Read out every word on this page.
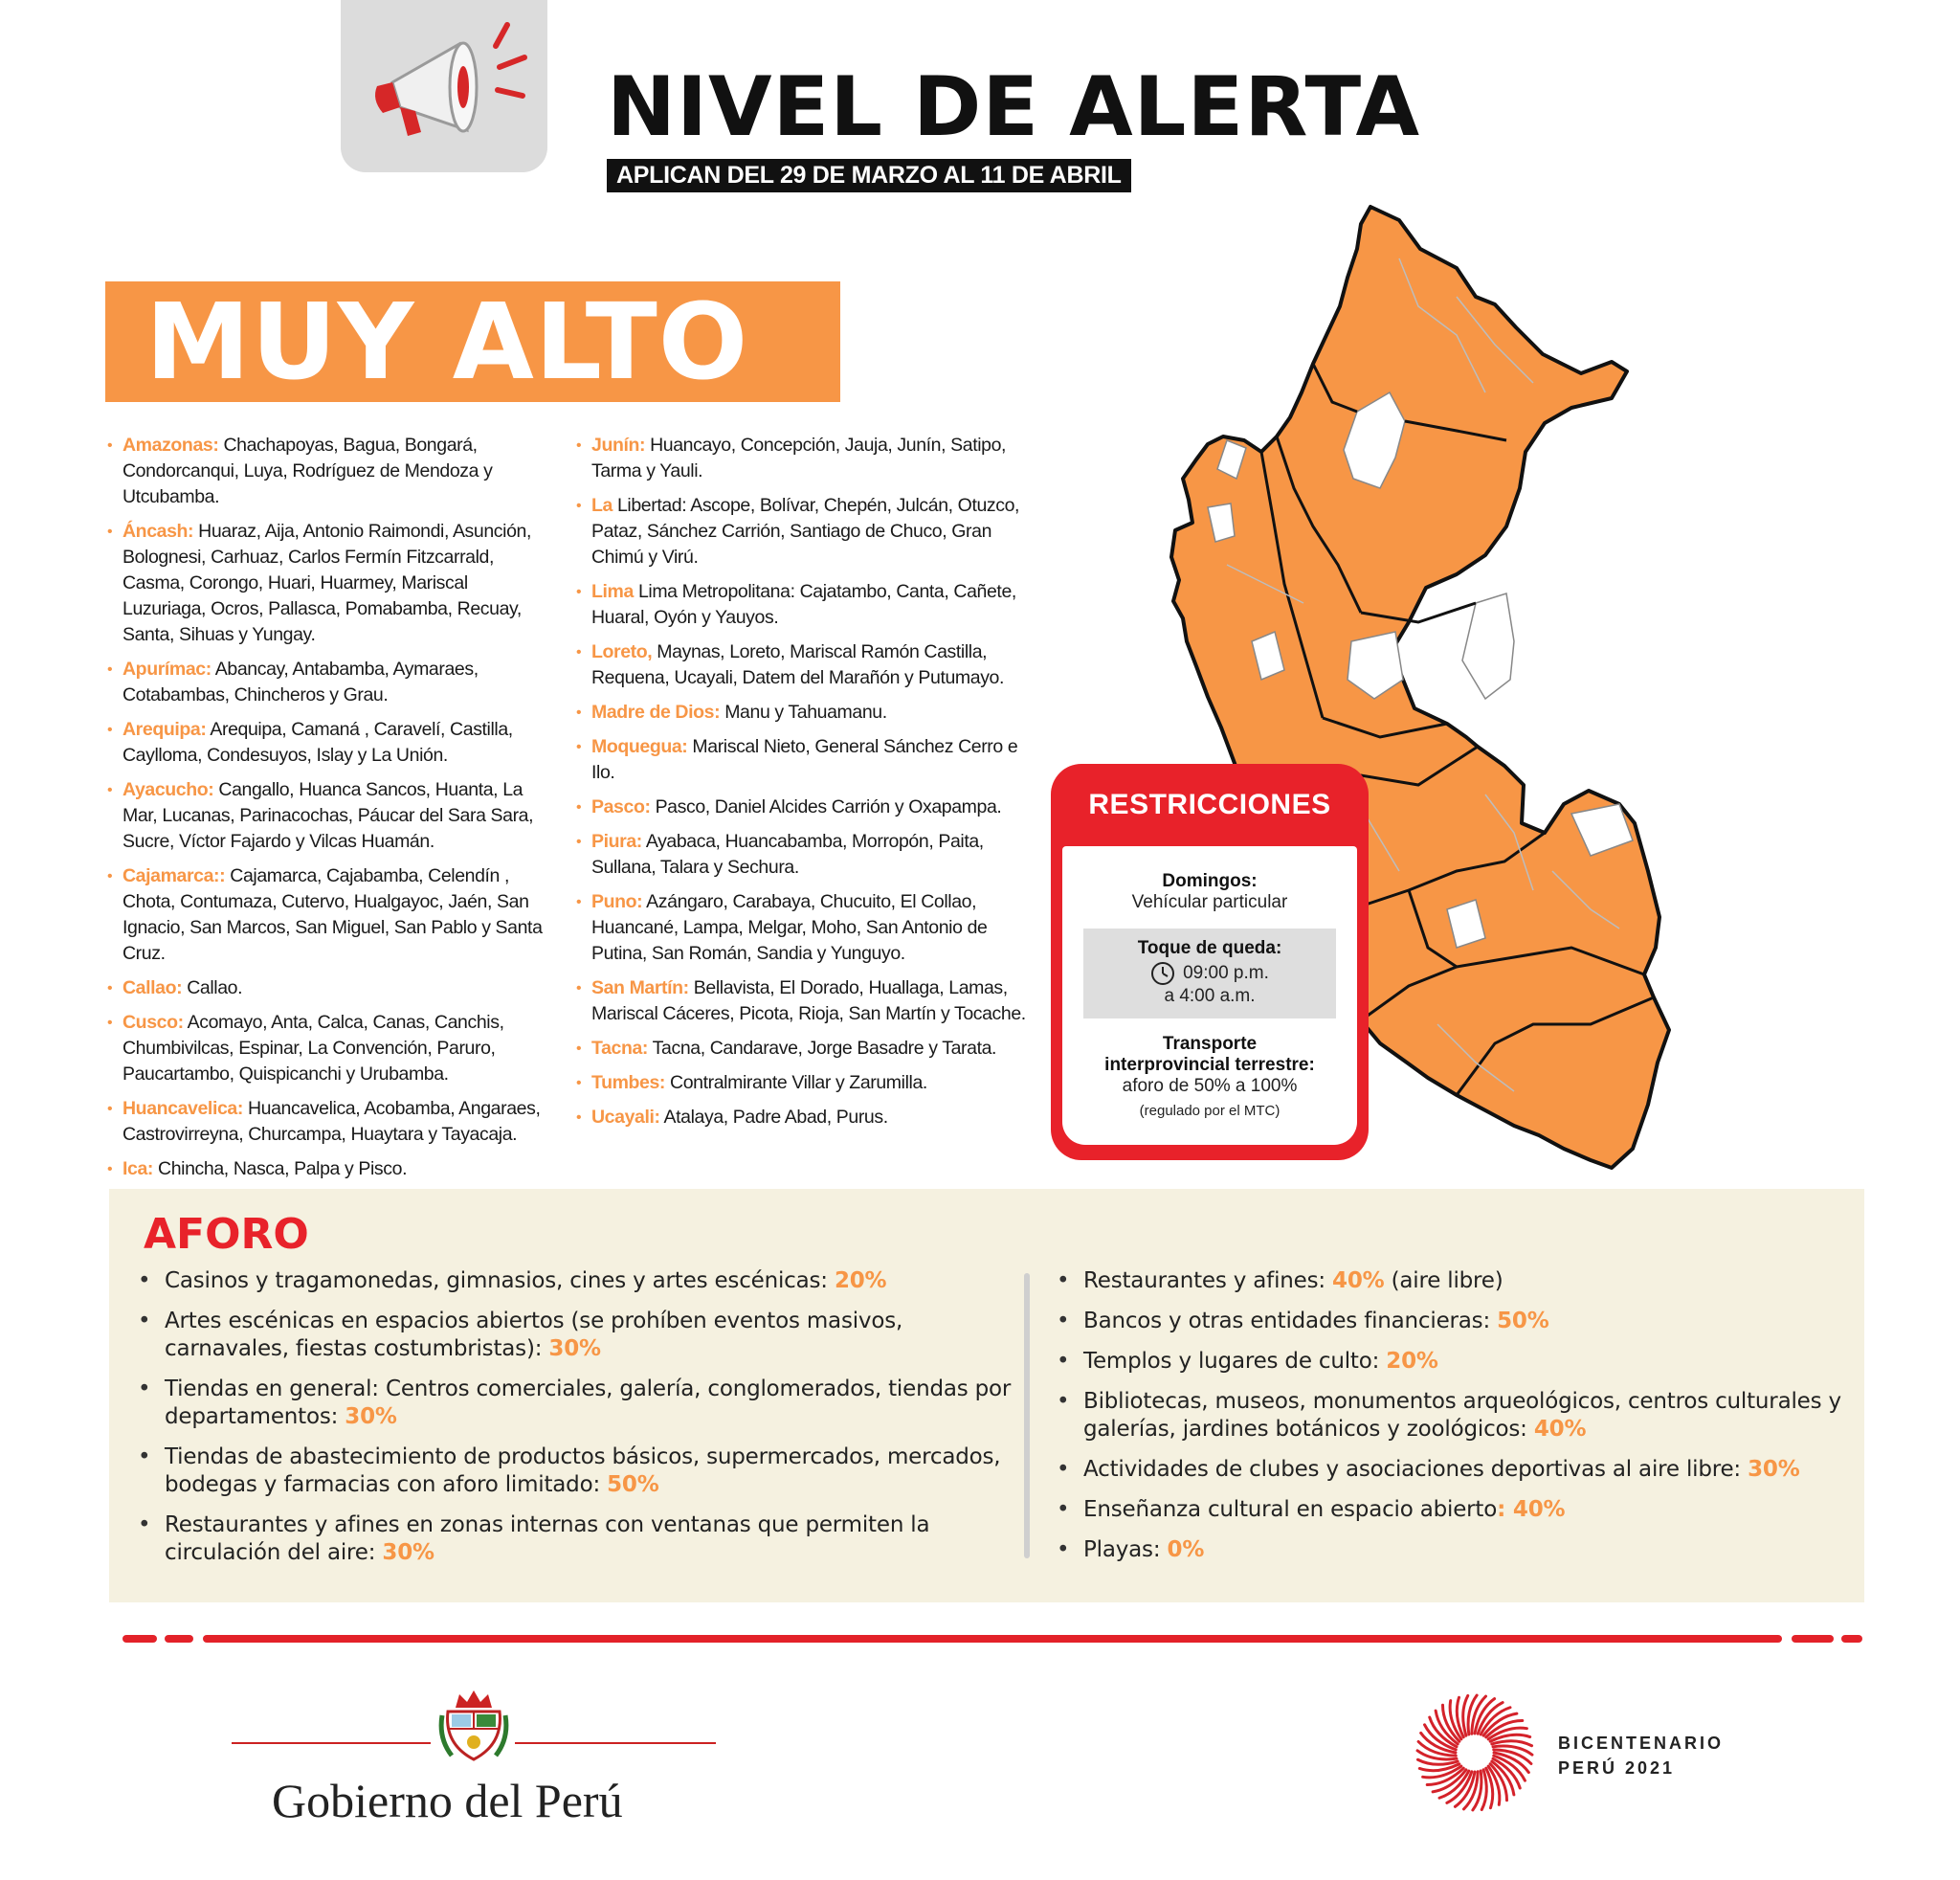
NIVEL DE ALERTA
APLICAN DEL 29 DE MARZO AL 11 DE ABRIL
MUY ALTO
• Amazonas: Chachapoyas, Bagua, Bongará, Condorcanqui, Luya, Rodríguez de Mendoza y Utcubamba.
• Áncash: Huaraz, Aija, Antonio Raimondi, Asunción, Bolognesi, Carhuaz, Carlos Fermín Fitzcarrald, Casma, Corongo, Huari, Huarmey, Mariscal Luzuriaga, Ocros, Pallasca, Pomabamba, Recuay, Santa, Sihuas y Yungay.
• Apurímac: Abancay, Antabamba, Aymaraes, Cotabambas, Chincheros y Grau.
• Arequipa: Arequipa, Camaná , Caravelí, Castilla, Caylloma, Condesuyos, Islay y La Unión.
• Ayacucho: Cangallo, Huanca Sancos, Huanta, La Mar, Lucanas, Parinacochas, Páucar del Sara Sara, Sucre, Víctor Fajardo y Vilcas Huamán.
• Cajamarca:: Cajamarca, Cajabamba, Celendín , Chota, Contumaza, Cutervo, Hualgayoc, Jaén, San Ignacio, San Marcos, San Miguel, San Pablo y Santa Cruz.
• Callao: Callao.
• Cusco: Acomayo, Anta, Calca, Canas, Canchis, Chumbivilcas, Espinar, La Convención, Paruro, Paucartambo, Quispicanchi y Urubamba.
• Huancavelica: Huancavelica, Acobamba, Angaraes, Castrovirreyna, Churcampa, Huaytara y Tayacaja.
• Ica: Chincha, Nasca, Palpa y Pisco.
• Junín: Huancayo, Concepción, Jauja, Junín, Satipo, Tarma y Yauli.
• La Libertad: Ascope, Bolívar, Chepén, Julcán, Otuzco, Pataz, Sánchez Carrión, Santiago de Chuco, Gran Chimú y Virú.
• Lima Lima Metropolitana: Cajatambo, Canta, Cañete, Huaral, Oyón y Yauyos.
• Loreto, Maynas, Loreto, Mariscal Ramón Castilla, Requena, Ucayali, Datem del Marañón y Putumayo.
• Madre de Dios: Manu y Tahuamanu.
• Moquegua: Mariscal Nieto, General Sánchez Cerro e Ilo.
• Pasco: Pasco, Daniel Alcides Carrión y Oxapampa.
• Piura: Ayabaca, Huancabamba, Morropón, Paita, Sullana, Talara y Sechura.
• Puno: Azángaro, Carabaya, Chucuito, El Collao, Huancané, Lampa, Melgar, Moho, San Antonio de Putina, San Román, Sandia y Yunguyo.
• San Martín: Bellavista, El Dorado, Huallaga, Lamas, Mariscal Cáceres, Picota, Rioja, San Martín y Tocache.
• Tacna: Tacna, Candarave, Jorge Basadre y Tarata.
• Tumbes: Contralmirante Villar y Zarumilla.
• Ucayali: Atalaya, Padre Abad, Purus.
RESTRICCIONES
Domingos:
Vehícular particular
Toque de queda:
09:00 p.m.
a 4:00 a.m.
Transporte
interprovincial terrestre:
aforo de 50% a 100%
(regulado por el MTC)
AFORO
• Casinos y tragamonedas, gimnasios, cines y artes escénicas: 20%
• Artes escénicas en espacios abiertos (se prohíben eventos masivos, carnavales, fiestas costumbristas): 30%
• Tiendas en general: Centros comerciales, galería, conglomerados, tiendas por departamentos: 30%
• Tiendas de abastecimiento de productos básicos, supermercados, mercados, bodegas y farmacias con aforo limitado: 50%
• Restaurantes y afines en zonas internas con ventanas que permiten la circulación del aire: 30%
• Restaurantes y afines: 40% (aire libre)
• Bancos y otras entidades financieras: 50%
• Templos y lugares de culto: 20%
• Bibliotecas, museos, monumentos arqueológicos, centros culturales y galerías, jardines botánicos y zoológicos: 40%
• Actividades de clubes y asociaciones deportivas al aire libre: 30%
• Enseñanza cultural en espacio abierto: 40%
• Playas: 0%
Gobierno del Perú
BICENTENARIO
PERÚ 2021
